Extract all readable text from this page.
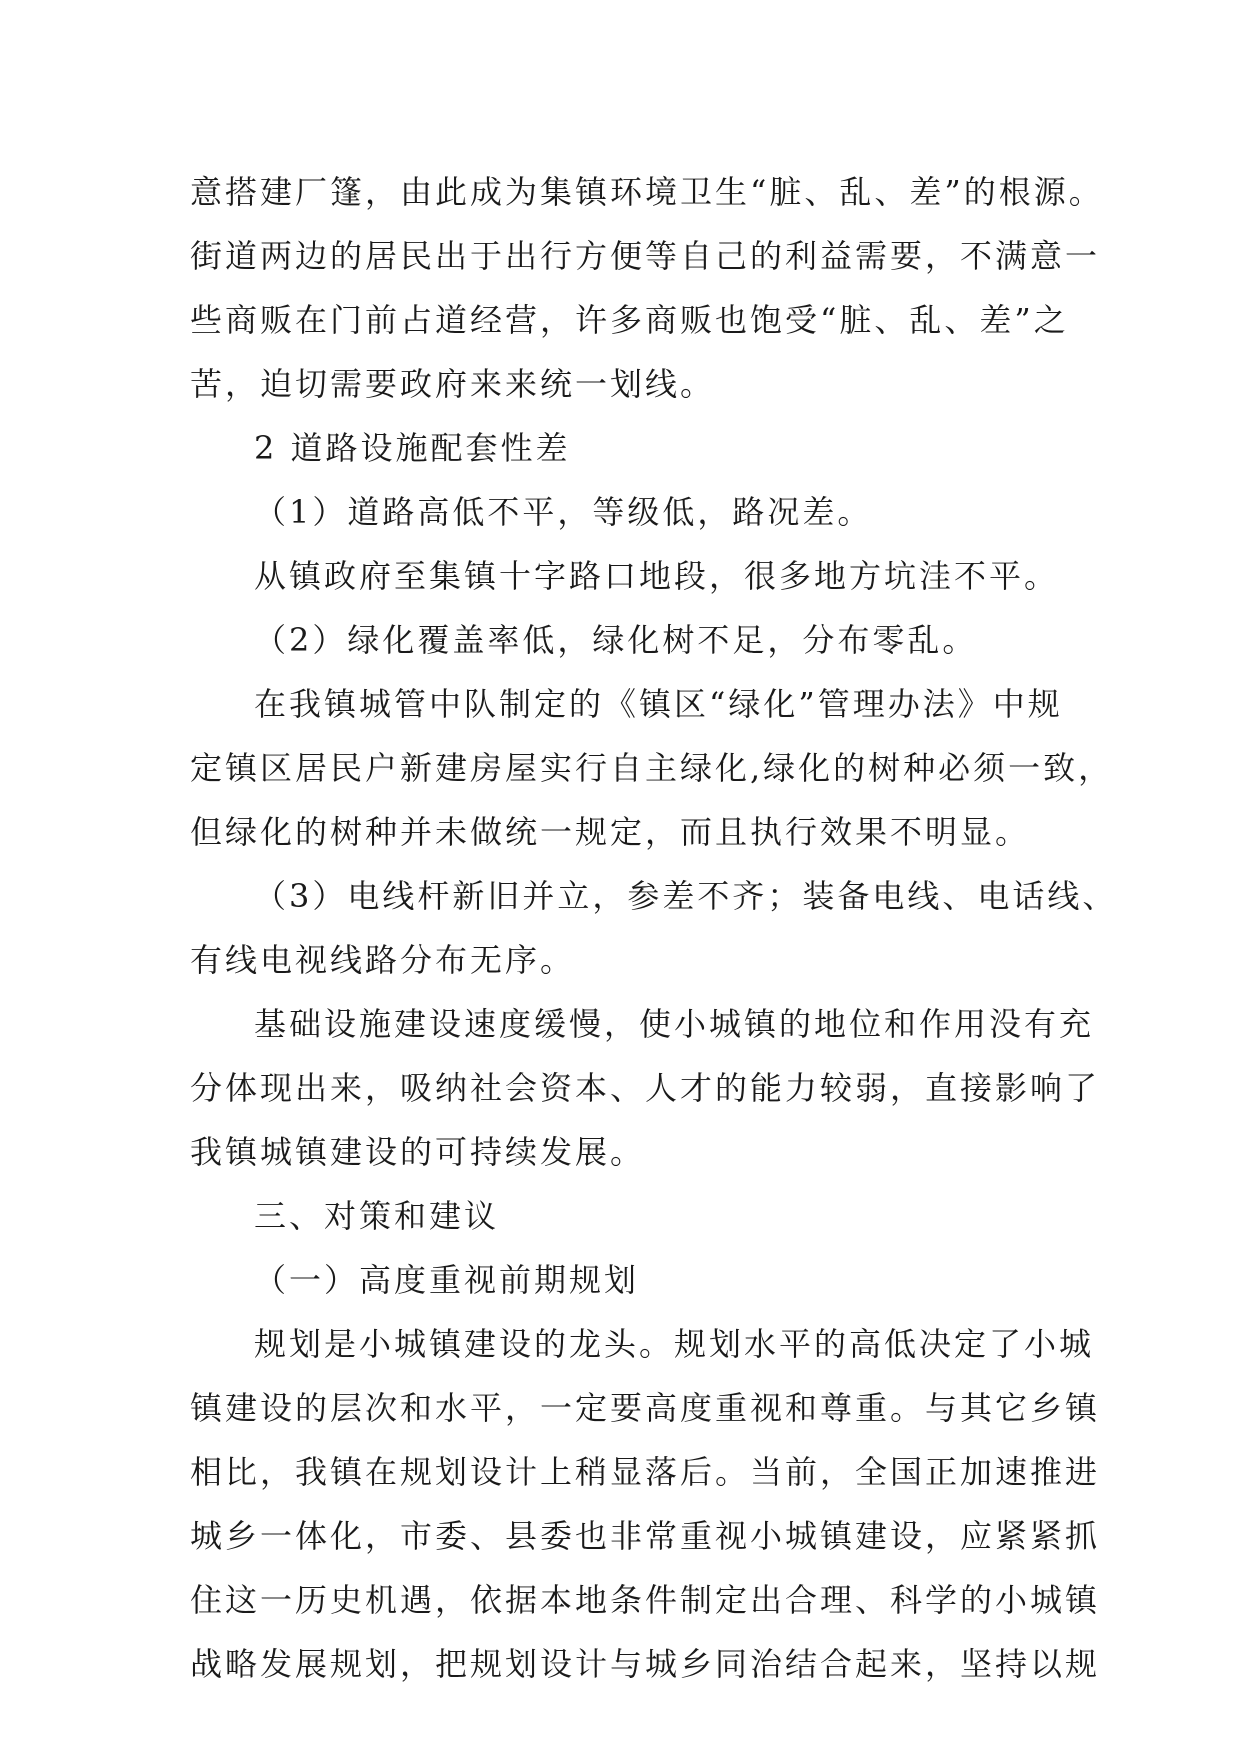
意搭建厂篷，由此成为集镇环境卫生“脏、乱、差”的根源。
街道两边的居民出于出行方便等自己的利益需要，不满意一
些商贩在门前占道经营，许多商贩也饱受“脏、乱、差”之
苦，迫切需要政府来来统一划线。
2 道路设施配套性差
（1）道路高低不平，等级低，路况差。
从镇政府至集镇十字路口地段，很多地方坑洼不平。
（2）绿化覆盖率低，绿化树不足，分布零乱。
在我镇城管中队制定的《镇区“绿化”管理办法》中规
定镇区居民户新建房屋实行自主绿化,绿化的树种必须一致，
但绿化的树种并未做统一规定，而且执行效果不明显。
（3）电线杆新旧并立，参差不齐；装备电线、电话线、
有线电视线路分布无序。
基础设施建设速度缓慢，使小城镇的地位和作用没有充
分体现出来，吸纳社会资本、人才的能力较弱，直接影响了
我镇城镇建设的可持续发展。
三、对策和建议
（一）高度重视前期规划
规划是小城镇建设的龙头。规划水平的高低决定了小城
镇建设的层次和水平，一定要高度重视和尊重。与其它乡镇
相比，我镇在规划设计上稍显落后。当前，全国正加速推进
城乡一体化，市委、县委也非常重视小城镇建设，应紧紧抓
住这一历史机遇，依据本地条件制定出合理、科学的小城镇
战略发展规划，把规划设计与城乡同治结合起来，坚持以规
